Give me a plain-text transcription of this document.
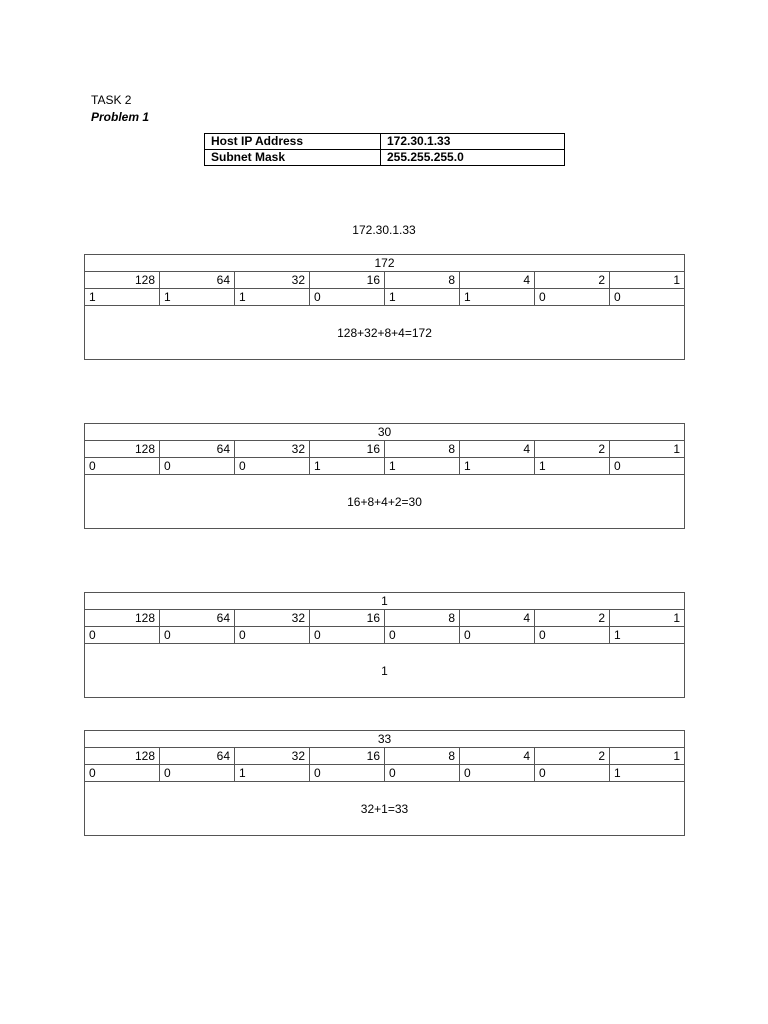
TASK 2
Problem 1
Host IP Address	172.30.1.33
Subnet Mask	255.255.255.0
172.30.1.33
172							
128	64	32	16	8	4	2	1
1	1	1	0	1	1	0	0
128+32+8+4=172							
30							
128	64	32	16	8	4	2	1
0	0	0	1	1	1	1	0
16+8+4+2=30							
1							
128	64	32	16	8	4	2	1
0	0	0	0	0	0	0	1
1							
33							
128	64	32	16	8	4	2	1
0	0	1	0	0	0	0	1
32+1=33							
